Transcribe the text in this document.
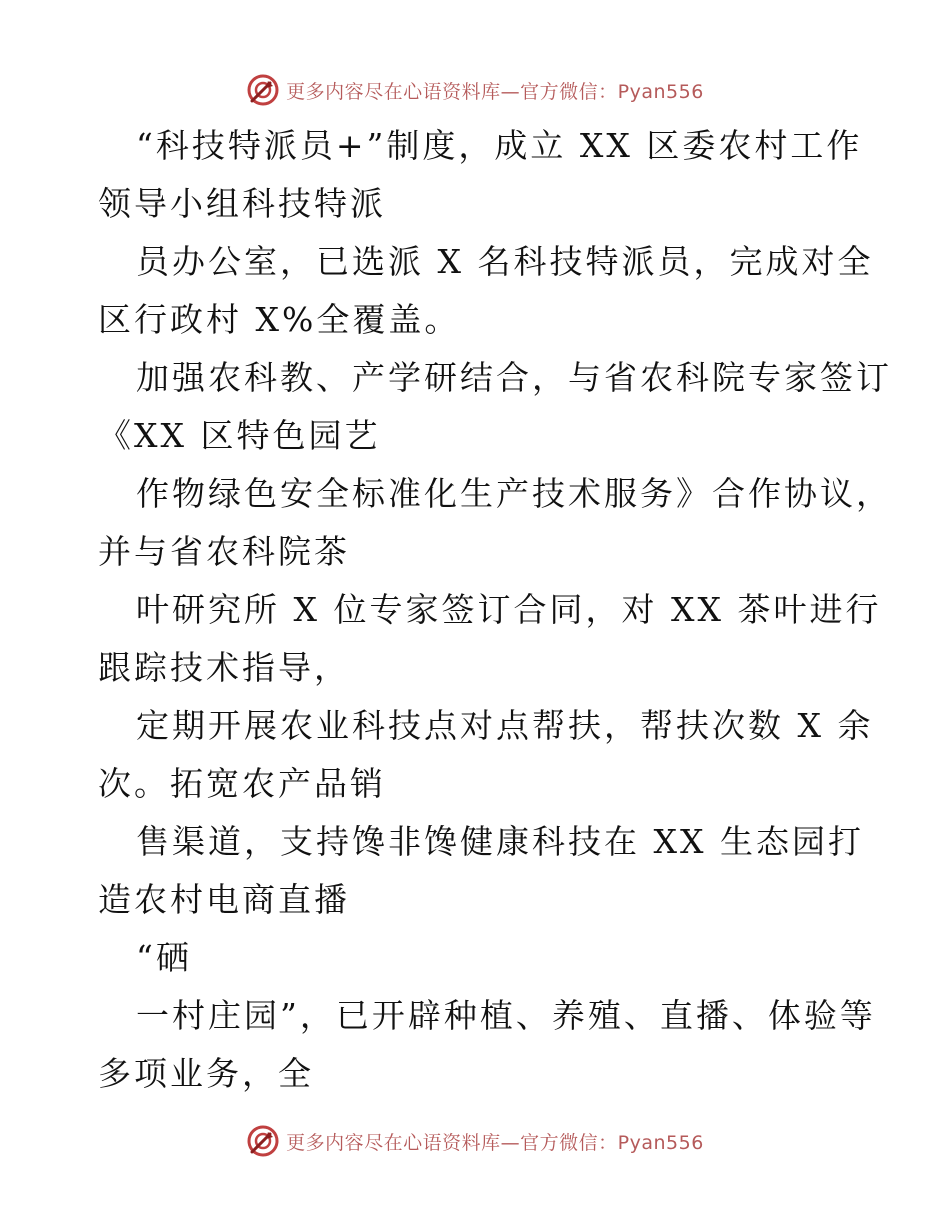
更多内容尽在心语资料库—官方微信：Pyan556
“科技特派员+”制度，成立 XX 区委农村工作
领导小组科技特派
员办公室，已选派 X 名科技特派员，完成对全
区行政村 X%全覆盖。
加强农科教、产学研结合，与省农科院专家签订
《XX 区特色园艺
作物绿色安全标准化生产技术服务》合作协议，
并与省农科院茶
叶研究所 X 位专家签订合同，对 XX 茶叶进行
跟踪技术指导，
定期开展农业科技点对点帮扶，帮扶次数 X 余
次。拓宽农产品销
售渠道，支持馋非馋健康科技在 XX 生态园打
造农村电商直播
“硒
一村庄园”，已开辟种植、养殖、直播、体验等
多项业务，全
更多内容尽在心语资料库—官方微信：Pyan556
